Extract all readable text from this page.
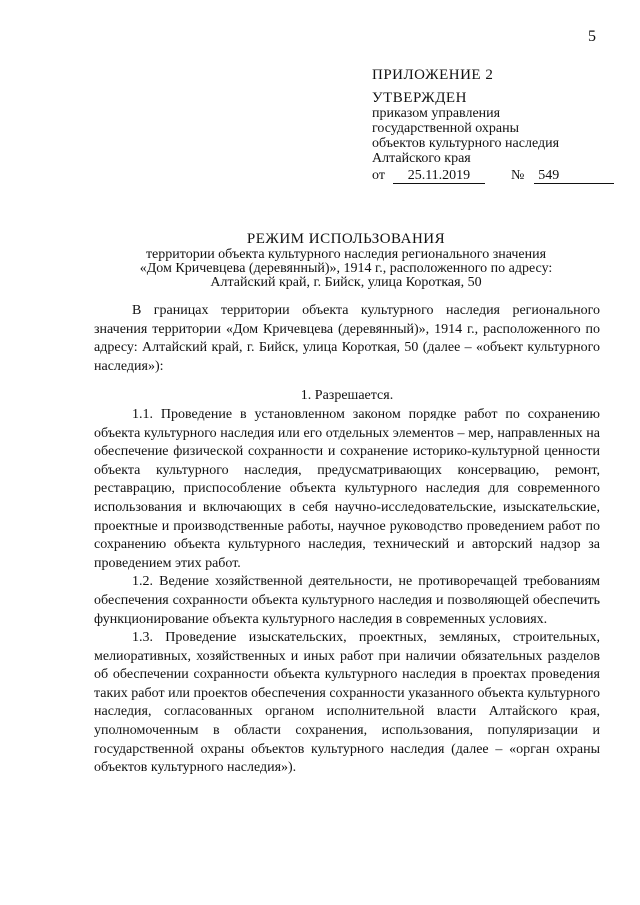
5
ПРИЛОЖЕНИЕ 2
УТВЕРЖДЕН
приказом управления
государственной охраны
объектов культурного наследия
Алтайского края
от	25.11.2019	№ 549
РЕЖИМ ИСПОЛЬЗОВАНИЯ
территории объекта культурного наследия регионального значения
«Дом Кричевцева (деревянный)», 1914 г., расположенного по адресу:
Алтайский край, г. Бийск, улица Короткая, 50

В границах территории объекта культурного наследия регионального значения территории «Дом Кричевцева (деревянный)», 1914 г., расположенного по адресу: Алтайский край, г. Бийск, улица Короткая, 50 (далее – «объект культурного наследия»):

1. Разрешается.

1.1. Проведение в установленном законом порядке работ по сохранению объекта культурного наследия или его отдельных элементов – мер, направленных на обеспечение физической сохранности и сохранение историко-культурной ценности объекта культурного наследия, предусматривающих консервацию, ремонт, реставрацию, приспособление объекта культурного наследия для современного использования и включающих в себя научно-исследовательские, изыскательские, проектные и производственные работы, научное руководство проведением работ по сохранению объекта культурного наследия, технический и авторский надзор за проведением этих работ.

1.2. Ведение хозяйственной деятельности, не противоречащей требованиям обеспечения сохранности объекта культурного наследия и позволяющей обеспечить функционирование объекта культурного наследия в современных условиях.

1.3. Проведение изыскательских, проектных, земляных, строительных, мелиоративных, хозяйственных и иных работ при наличии обязательных разделов об обеспечении сохранности объекта культурного наследия в проектах проведения таких работ или проектов обеспечения сохранности указанного объекта культурного наследия, согласованных органом исполнительной власти Алтайского края, уполномоченным в области сохранения, использования, популяризации и государственной охраны объектов культурного наследия (далее – «орган охраны объектов культурного наследия»).
